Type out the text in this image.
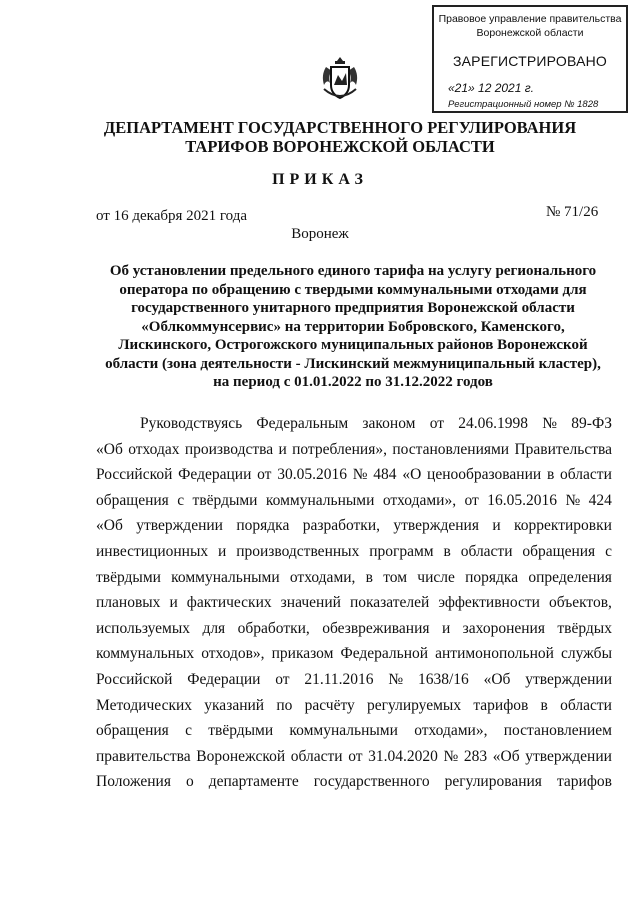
Правовое управление правительства
Воронежской области
ЗАРЕГИСТРИРОВАНО
«21» 12 2021 г.
Регистрационный номер № 1828
ДЕПАРТАМЕНТ ГОСУДАРСТВЕННОГО РЕГУЛИРОВАНИЯ
ТАРИФОВ ВОРОНЕЖСКОЙ ОБЛАСТИ
ПРИКАЗ
от 16 декабря 2021 года	№ 71/26
Воронеж
Об установлении предельного единого тарифа на услугу регионального
оператора по обращению с твердыми коммунальными отходами для
государственного унитарного предприятия Воронежской области
«Облкоммунсервис» на территории Бобровского, Каменского,
Лискинского, Острогожского муниципальных районов Воронежской
области (зона деятельности - Лискинский межмуниципальный кластер),
на период с 01.01.2022 по 31.12.2022 годов
Руководствуясь Федеральным законом от 24.06.1998 № 89-ФЗ
«Об отходах производства и потребления», постановлениями Правительства
Российской Федерации от 30.05.2016 № 484 «О ценообразовании в области
обращения с твёрдыми коммунальными отходами», от 16.05.2016 № 424
«Об утверждении порядка разработки, утверждения и корректировки
инвестиционных и производственных программ в области обращения с
твёрдыми коммунальными отходами, в том числе порядка определения
плановых и фактических значений показателей эффективности объектов,
используемых для обработки, обезвреживания и захоронения твёрдых
коммунальных отходов», приказом Федеральной антимонопольной службы
Российской Федерации от 21.11.2016 № 1638/16 «Об утверждении
Методических указаний по расчёту регулируемых тарифов в области
обращения с твёрдыми коммунальными отходами», постановлением
правительства Воронежской области от 31.04.2020 № 283 «Об утверждении
Положения о департаменте государственного регулирования тарифов
